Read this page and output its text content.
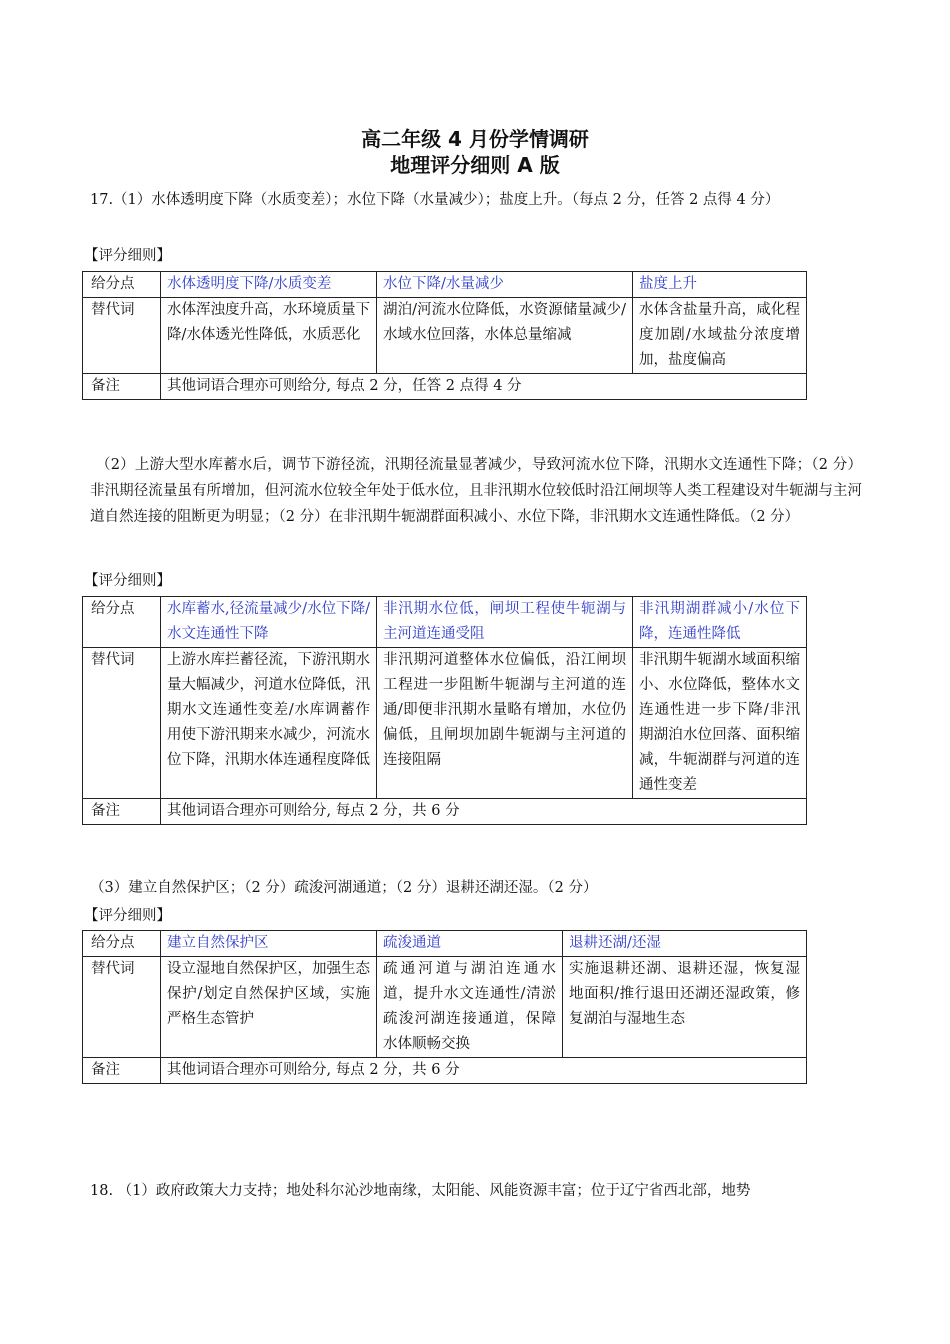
高二年级 4 月份学情调研
地理评分细则 A 版
17.（1）水体透明度下降（水质变差）；水位下降（水量减少）；盐度上升。（每点 2 分，任答 2 点得 4 分）
【评分细则】
给分点	水体透明度下降/水质变差	水位下降/水量减少	盐度上升
替代词	水体浑浊度升高，水环境质量下降/水体透光性降低，水质恶化	湖泊/河流水位降低，水资源储量减少/水域水位回落，水体总量缩减	水体含盐量升高，咸化程度加剧/水域盐分浓度增加，盐度偏高
备注	其他词语合理亦可则给分, 每点 2 分，任答 2 点得 4 分		
（2）上游大型水库蓄水后，调节下游径流，汛期径流量显著减少，导致河流水位下降，汛期水文连通性下降；（2 分）非汛期径流量虽有所增加，但河流水位较全年处于低水位，且非汛期水位较低时沿江闸坝等人类工程建设对牛轭湖与主河道自然连接的阻断更为明显；（2 分）在非汛期牛轭湖群面积减小、水位下降，非汛期水文连通性降低。（2 分）
【评分细则】
给分点	水库蓄水,径流量减少/水位下降/水文连通性下降	非汛期水位低，闸坝工程使牛轭湖与主河道连通受阻	非汛期湖群减小/水位下降，连通性降低
替代词	上游水库拦蓄径流，下游汛期水量大幅减少，河道水位降低，汛期水文连通性变差/水库调蓄作用使下游汛期来水减少，河流水位下降，汛期水体连通程度降低	非汛期河道整体水位偏低，沿江闸坝工程进一步阻断牛轭湖与主河道的连通/即便非汛期水量略有增加，水位仍偏低，且闸坝加剧牛轭湖与主河道的连接阻隔	非汛期牛轭湖水域面积缩小、水位降低，整体水文连通性进一步下降/非汛期湖泊水位回落、面积缩减，牛轭湖群与河道的连通性变差
备注	其他词语合理亦可则给分, 每点 2 分，共 6 分		
（3）建立自然保护区；（2 分）疏浚河湖通道；（2 分）退耕还湖还湿。（2 分）
【评分细则】
给分点	建立自然保护区	疏浚通道	退耕还湖/还湿
替代词	设立湿地自然保护区，加强生态保护/划定自然保护区域，实施严格生态管护	疏通河道与湖泊连通水道，提升水文连通性/清淤疏浚河湖连接通道，保障水体顺畅交换	实施退耕还湖、退耕还湿，恢复湿地面积/推行退田还湖还湿政策，修复湖泊与湿地生态
备注	其他词语合理亦可则给分, 每点 2 分，共 6 分		
18. （1）政府政策大力支持；地处科尔沁沙地南缘，太阳能、风能资源丰富；位于辽宁省西北部，地势
